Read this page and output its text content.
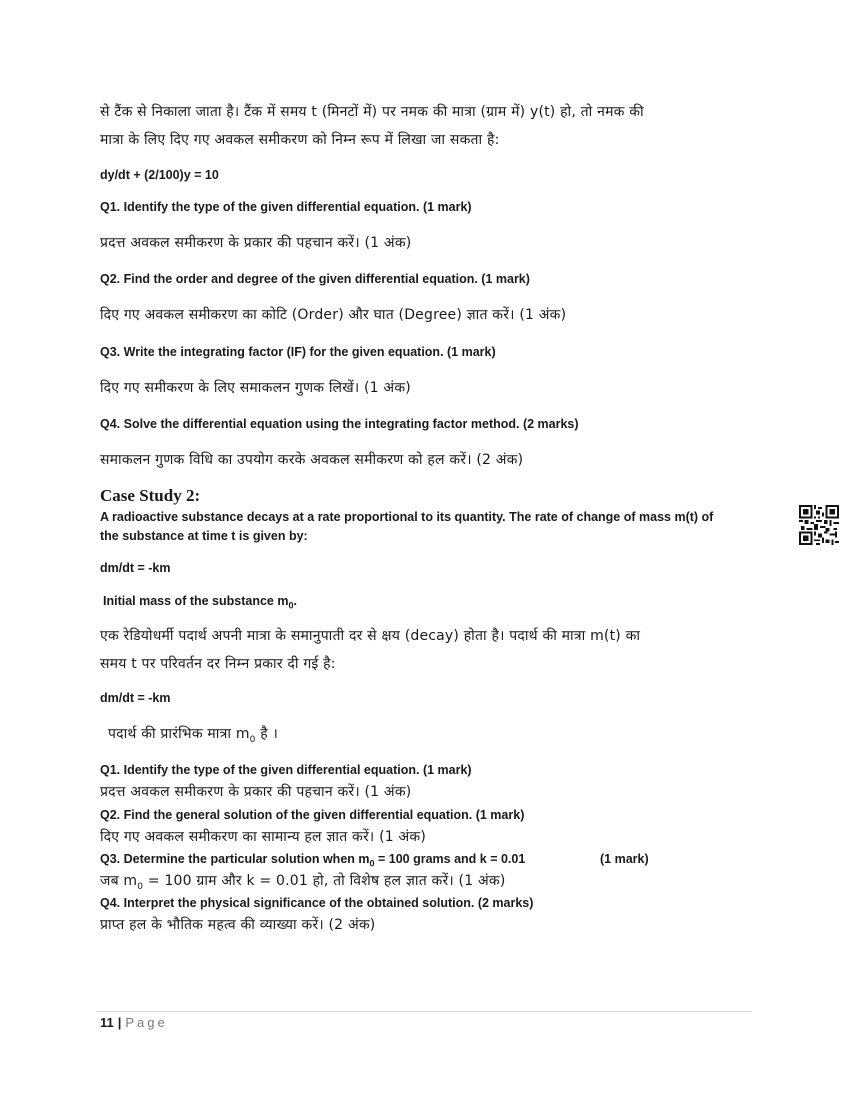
से टैंक से निकाला जाता है। टैंक में समय t (मिनटों में) पर नमक की मात्रा (ग्राम में) y(t) हो, तो नमक की
मात्रा के लिए दिए गए अवकल समीकरण को निम्न रूप में लिखा जा सकता है:
dy/dt + (2/100)y = 10
Q1. Identify the type of the given differential equation. (1 mark)
प्रदत्त अवकल समीकरण के प्रकार की पहचान करें। (1 अंक)
Q2. Find the order and degree of the given differential equation. (1 mark)
दिए गए अवकल समीकरण का कोटि (Order) और घात (Degree) ज्ञात करें। (1 अंक)
Q3. Write the integrating factor (IF) for the given equation. (1 mark)
दिए गए समीकरण के लिए समाकलन गुणक लिखें। (1 अंक)
Q4. Solve the differential equation using the integrating factor method. (2 marks)
समाकलन गुणक विधि का उपयोग करके अवकल समीकरण को हल करें। (2 अंक)
Case Study 2:
A radioactive substance decays at a rate proportional to its quantity. The rate of change of mass m(t) of
the substance at time t is given by:
dm/dt = -km
Initial mass of the substance $m_0$.
एक रेडियोधर्मी पदार्थ अपनी मात्रा के समानुपाती दर से क्षय (decay) होता है। पदार्थ की मात्रा m(t) का
समय t पर परिवर्तन दर निम्न प्रकार दी गई है:
dm/dt = -km
पदार्थ की प्रारंभिक मात्रा $m_0$ है ।
Q1. Identify the type of the given differential equation. (1 mark)
प्रदत्त अवकल समीकरण के प्रकार की पहचान करें। (1 अंक)
Q2. Find the general solution of the given differential equation. (1 mark)
दिए गए अवकल समीकरण का सामान्य हल ज्ञात करें। (1 अंक)
Q3. Determine the particular solution when $m_0 = 100$ grams and k = 0.01	(1 mark)
जब $m_0 = 100$ ग्राम और k = 0.01 हो, तो विशेष हल ज्ञात करें। (1 अंक)
Q4. Interpret the physical significance of the obtained solution. (2 marks)
प्राप्त हल के भौतिक महत्व की व्याख्या करें। (2 अंक)
11 | Page
